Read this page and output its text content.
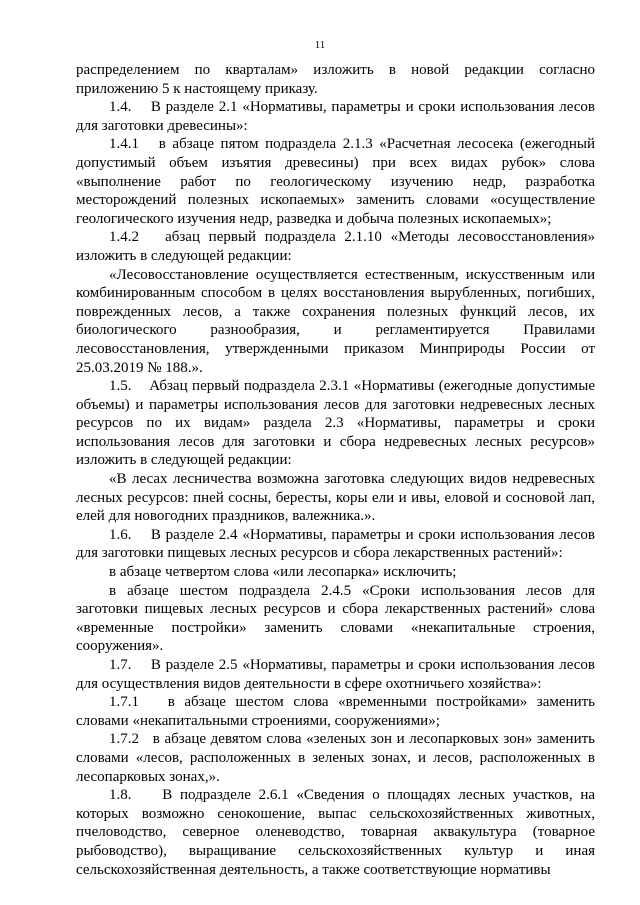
11

распределением по кварталам» изложить в новой редакции согласно приложению 5 к настоящему приказу.

1.4.    В разделе 2.1 «Нормативы, параметры и сроки использования лесов для заготовки древесины»:

1.4.1   в абзаце пятом подраздела 2.1.3 «Расчетная лесосека (ежегодный допустимый объем изъятия древесины) при всех видах рубок» слова «выполнение работ по геологическому изучению недр, разработка месторождений полезных ископаемых» заменить словами «осуществление геологического изучения недр, разведка и добыча полезных ископаемых»;

1.4.2   абзац первый подраздела 2.1.10 «Методы лесовосстановления» изложить в следующей редакции:

«Лесовосстановление осуществляется естественным, искусственным или комбинированным способом в целях восстановления вырубленных, погибших, поврежденных лесов, а также сохранения полезных функций лесов, их биологического разнообразия, и регламентируется Правилами лесовосстановления, утвержденными приказом Минприроды России от 25.03.2019 № 188.».

1.5.    Абзац первый подраздела 2.3.1 «Нормативы (ежегодные допустимые объемы) и параметры использования лесов для заготовки недревесных лесных ресурсов по их видам» раздела 2.3 «Нормативы, параметры и сроки использования лесов для заготовки и сбора недревесных лесных ресурсов» изложить в следующей редакции:

«В лесах лесничества возможна заготовка следующих видов недревесных лесных ресурсов: пней сосны, бересты, коры ели и ивы, еловой и сосновой лап, елей для новогодних праздников, валежника.».

1.6.    В разделе 2.4 «Нормативы, параметры и сроки использования лесов для заготовки пищевых лесных ресурсов и сбора лекарственных растений»:

в абзаце четвертом слова «или лесопарка» исключить;

в абзаце шестом подраздела 2.4.5 «Сроки использования лесов для заготовки пищевых лесных ресурсов и сбора лекарственных растений» слова «временные постройки» заменить словами «некапитальные строения, сооружения».

1.7.    В разделе 2.5 «Нормативы, параметры и сроки использования лесов для осуществления видов деятельности в сфере охотничьего хозяйства»:

1.7.1   в абзаце шестом слова «временными постройками» заменить словами «некапитальными строениями, сооружениями»;

1.7.2   в абзаце девятом слова «зеленых зон и лесопарковых зон» заменить словами «лесов, расположенных в зеленых зонах, и лесов, расположенных в лесопарковых зонах,».

1.8.    В подразделе 2.6.1 «Сведения о площадях лесных участков, на которых возможно сенокошение, выпас сельскохозяйственных животных, пчеловодство, северное оленеводство, товарная аквакультура (товарное рыбоводство), выращивание сельскохозяйственных культур и иная сельскохозяйственная деятельность, а также соответствующие нормативы
